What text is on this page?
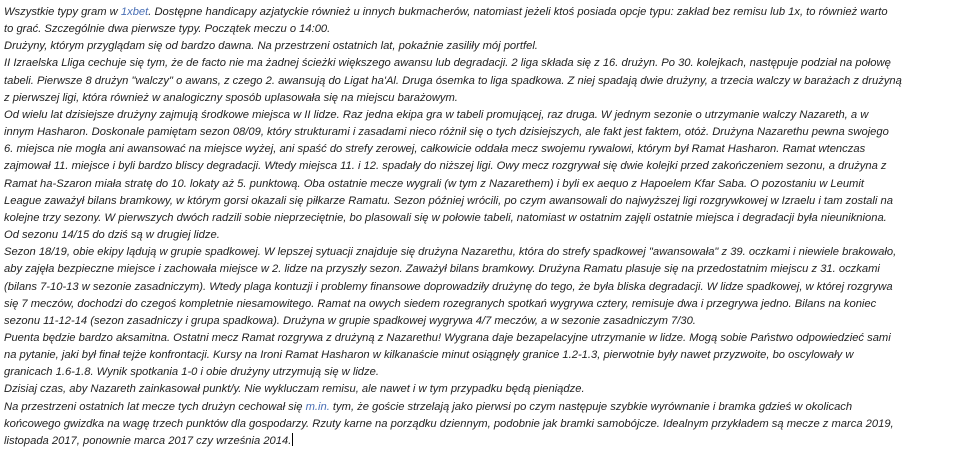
Wszystkie typy gram w 1xbet. Dostępne handicapy azjatyckie również u innych bukmacherów, natomiast jeżeli ktoś posiada opcje typu: zakład bez remisu lub 1x, to również warto
to grać. Szczególnie dwa pierwsze typy. Początek meczu o 14:00.
Drużyny, którym przyglądam się od bardzo dawna. Na przestrzeni ostatnich lat, pokaźnie zasiliły mój portfel.
II Izraelska Lliga cechuje się tym, że de facto nie ma żadnej ścieżki większego awansu lub degradacji. 2 liga składa się z 16. drużyn. Po 30. kolejkach, następuje podział na połowę
tabeli. Pierwsze 8 drużyn "walczy" o awans, z czego 2. awansują do Ligat ha'Al. Druga ósemka to liga spadkowa. Z niej spadają dwie drużyny, a trzecia walczy w barażach z drużyną
z pierwszej ligi, która również w analogiczny sposób uplasowała się na miejscu barażowym.
Od wielu lat dzisiejsze drużyny zajmują środkowe miejsca w II lidze. Raz jedna ekipa gra w tabeli promującej, raz druga. W jednym sezonie o utrzymanie walczy Nazareth, a w
innym Hasharon. Doskonale pamiętam sezon 08/09, który strukturami i zasadami nieco różnił się o tych dzisiejszych, ale fakt jest faktem, otóż. Drużyna Nazarethu pewna swojego
6. miejsca nie mogła ani awansować na miejsce wyżej, ani spaść do strefy zerowej, całkowicie oddała mecz swojemu rywalowi, którym był Ramat Hasharon. Ramat wtenczas
zajmował 11. miejsce i byli bardzo bliscy degradacji. Wtedy miejsca 11. i 12. spadały do niższej ligi. Owy mecz rozgrywał się dwie kolejki przed zakończeniem sezonu, a drużyna z
Ramat ha-Szaron miała stratę do 10. lokaty aż 5. punktową. Oba ostatnie mecze wygrali (w tym z Nazarethem) i byli ex aequo z Hapoelem Kfar Saba. O pozostaniu w Leumit
League zaważył bilans bramkowy, w którym gorsi okazali się piłkarze Ramatu. Sezon później wrócili, po czym awansowali do najwyższej ligi rozgrywkowej w Izraelu i tam zostali na
kolejne trzy sezony. W pierwszych dwóch radzili sobie nieprzeciętnie, bo plasowali się w połowie tabeli, natomiast w ostatnim zajęli ostatnie miejsca i degradacji była nieunikniona.
Od sezonu 14/15 do dziś są w drugiej lidze.
Sezon 18/19, obie ekipy lądują w grupie spadkowej. W lepszej sytuacji znajduje się drużyna Nazarethu, która do strefy spadkowej "awansowała" z 39. oczkami i niewiele brakowało,
aby zajęła bezpieczne miejsce i zachowała miejsce w 2. lidze na przyszły sezon. Zaważył bilans bramkowy. Drużyna Ramatu plasuje się na przedostatnim miejscu z 31. oczkami
(bilans 7-10-13 w sezonie zasadniczym). Wtedy plaga kontuzji i problemy finansowe doprowadziły drużynę do tego, że była bliska degradacji. W lidze spadkowej, w której rozgrywa
się 7 meczów, dochodzi do czegoś kompletnie niesamowitego. Ramat na owych siedem rozegranych spotkań wygrywa cztery, remisuje dwa i przegrywa jedno. Bilans na koniec
sezonu 11-12-14 (sezon zasadniczy i grupa spadkowa). Drużyna w grupie spadkowej wygrywa 4/7 meczów, a w sezonie zasadniczym 7/30.
Puenta będzie bardzo aksamitna. Ostatni mecz Ramat rozgrywa z drużyną z Nazarethu! Wygrana daje bezapelacyjne utrzymanie w lidze. Mogą sobie Państwo odpowiedzieć sami
na pytanie, jaki był finał tejże konfrontacji. Kursy na Ironi Ramat Hasharon w kilkanaście minut osiągnęły granice 1.2-1.3, pierwotnie były nawet przyzwoite, bo oscylowały w
granicach 1.6-1.8. Wynik spotkania 1-0 i obie drużyny utrzymują się w lidze.
Dzisiaj czas, aby Nazareth zainkasował punkt/y. Nie wykluczam remisu, ale nawet i w tym przypadku będą pieniądze.
Na przestrzeni ostatnich lat mecze tych drużyn cechował się m.in. tym, że goście strzelają jako pierwsi po czym następuje szybkie wyrównanie i bramka gdzieś w okolicach
końcowego gwizdka na wagę trzech punktów dla gospodarzy. Rzuty karne na porządku dziennym, podobnie jak bramki samobójcze. Idealnym przykładem są mecze z marca 2019,
listopada 2017, ponownie marca 2017 czy września 2014.
